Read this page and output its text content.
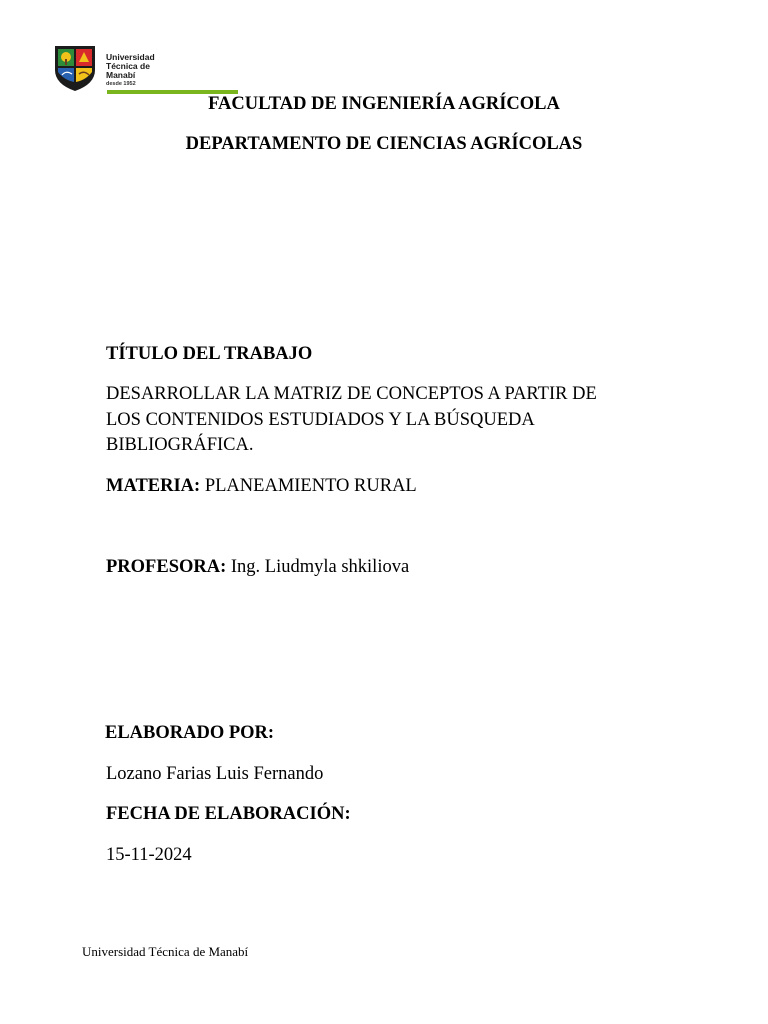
Universidad
Técnica de
Manabí
desde 1952
FACULTAD DE INGENIERÍA AGRÍCOLA
DEPARTAMENTO DE CIENCIAS AGRÍCOLAS
TÍTULO DEL TRABAJO
DESARROLLAR LA MATRIZ DE CONCEPTOS A PARTIR DE
LOS CONTENIDOS ESTUDIADOS Y LA BÚSQUEDA
BIBLIOGRÁFICA.
MATERIA: PLANEAMIENTO RURAL
PROFESORA: Ing. Liudmyla shkiliova
ELABORADO POR:
Lozano Farias Luis Fernando
FECHA DE ELABORACIÓN:
15-11-2024
Universidad Técnica de Manabí
